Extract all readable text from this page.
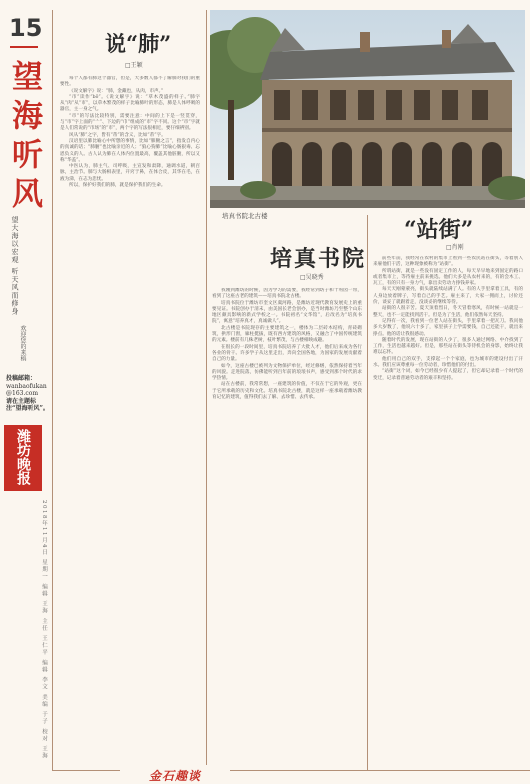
15
望海听风
望大海以宏观 听天风而修身
欢迎您的来稿
投稿邮箱：
wanbaofukan@163.com
请在主题标注“望海听风”。
潍坊晚报
2018年11月4日 星期一 编辑 王海 主任 王仁平 编辑 李文 美编 于子 校对 王海
说“肺”
□王颖

每个人都有肺这个器官，但是，大多数人都不了解肺对我们的重要性。

《说文解字》说：“肺，金藏也，从肉，市声。”

“市”读作“bō”。《说文解字》说：“草木茂盛的样子。”肺字从“肉”从“市”，以草木繁茂的样子比喻肺叶的形态，肺是人体呼吸的器官，主一身之气。

“市”的写法比较特别，需要注意：中间的上下是一竖贯穿，与“市”字上面的“亠”、下边的“巾”组成的“市”字不同。这个“市”字就是人们常说的“市场”的“市”，两个字的写法很相近，要仔细辨别。

风从“肺”之字，皆有“芾”的含义，比如“芾”字。

汉语里以肺比喻心中所想的事情，比如“肺腑之言”，指发自内心的真诚的话；“肺腑”也比喻亲近的人；“狼心狗肺”比喻心肠狠毒、忘恩负义的人。古人认为肺在人体内位置最高，覆盖其他脏腑，所以又称“华盖”。

中医认为，肺主气、司呼吸，主宣发和肃降，通调水道，朝百脉，主治节。肺与大肠相表里，开窍于鼻，在体合皮，其华在毛，在液为涕，在志为悲忧。

所以，保护好我们的肺，就是保护我们的生命。

培真书院北古楼
培真书院
□吴晓秀

我刚到潍坊的时候，因为学习的需要，我经常到坊子和十笏园一带，看到了这座古老的建筑——培真书院北古楼。

培真书院位于潍坊市奎文区虞河路，是潍坊近现代教育发展史上的重要见证。书院创办于清末，由美国长老会创办，是当时潍坊乃至整个山东地区颇具影响的新式学校之一。书院初名“文华馆”，后改名为“培真书院”，寓意“培养真才，真诚做人”。

北古楼是书院现存的主要建筑之一，楼体为二层砖木结构，青砖砌筑，拱形门窗，廊柱挺拔，既有西方建筑的风格，又融合了中国传统建筑的元素。楼前有几株老树，枝叶繁茂，与古楼相映成趣。

在很长的一段时间里，培真书院培养了大批人才，他们后来成为各行各业的骨干。许多学子从这里走出，奔向全国各地，为国家的发展贡献着自己的力量。

如今，这座古楼已被列为文物保护单位，经过修缮，依然保持着当年的风貌。走进院落，仿佛能听到百年前的琅琅书声，感受到那个时代的求学热情。

站在古楼前，我常常想，一座建筑的价值，不仅在于它的外观，更在于它所承载的历史和文化。培真书院北古楼，就是这样一座承载着潍坊教育记忆的建筑，值得我们去了解、去珍惜、去传承。

“站街”
□肖刚

前些年前，我经常在农村的集市上看到一些农民站在街头，等着别人来雇他们干活，这种现象被称为“站街”。

所谓站街，就是一些没有固定工作的人，每天早早地来到固定的路口或者集市上，等待雇主前来挑选。他们大多是从农村来的，有的会木工、瓦工，有的只有一身力气，靠出卖劳动力挣钱养家。

每天天刚蒙蒙亮，街头就陆续站满了人。有的人手里拿着工具，有的人身边放着牌子，写着自己的手艺。雇主来了，大家一拥而上，讨价还价，谈妥了就跟着走，没谈妥的继续等待。

站街的人很辛苦。夏天顶着烈日，冬天冒着寒风，有时候一站就是一整天，也不一定能找到活干。但是为了生活，他们依然每天坚持。

记得有一次，我看到一位老人站在街头，手里拿着一把瓦刀。我问他多大岁数了，他说六十多了，家里孩子上学需要钱，自己还能干，就出来挣点。他的话让我很感动。

随着时代的发展，现在站街的人少了，很多人通过网络、中介找到了工作，生活也越来越好。但是，那些站在街头等待机会的身影，始终让我难以忘怀。

他们用自己的双手，支撑起一个个家庭，也为城市的建设付出了汗水。我们应该尊重每一位劳动者，珍惜他们的付出。

“站街”这个词，如今已经很少有人提起了，但它却记录着一个时代的变迁，记录着普通劳动者的艰辛和坚持。

金石趣谈
